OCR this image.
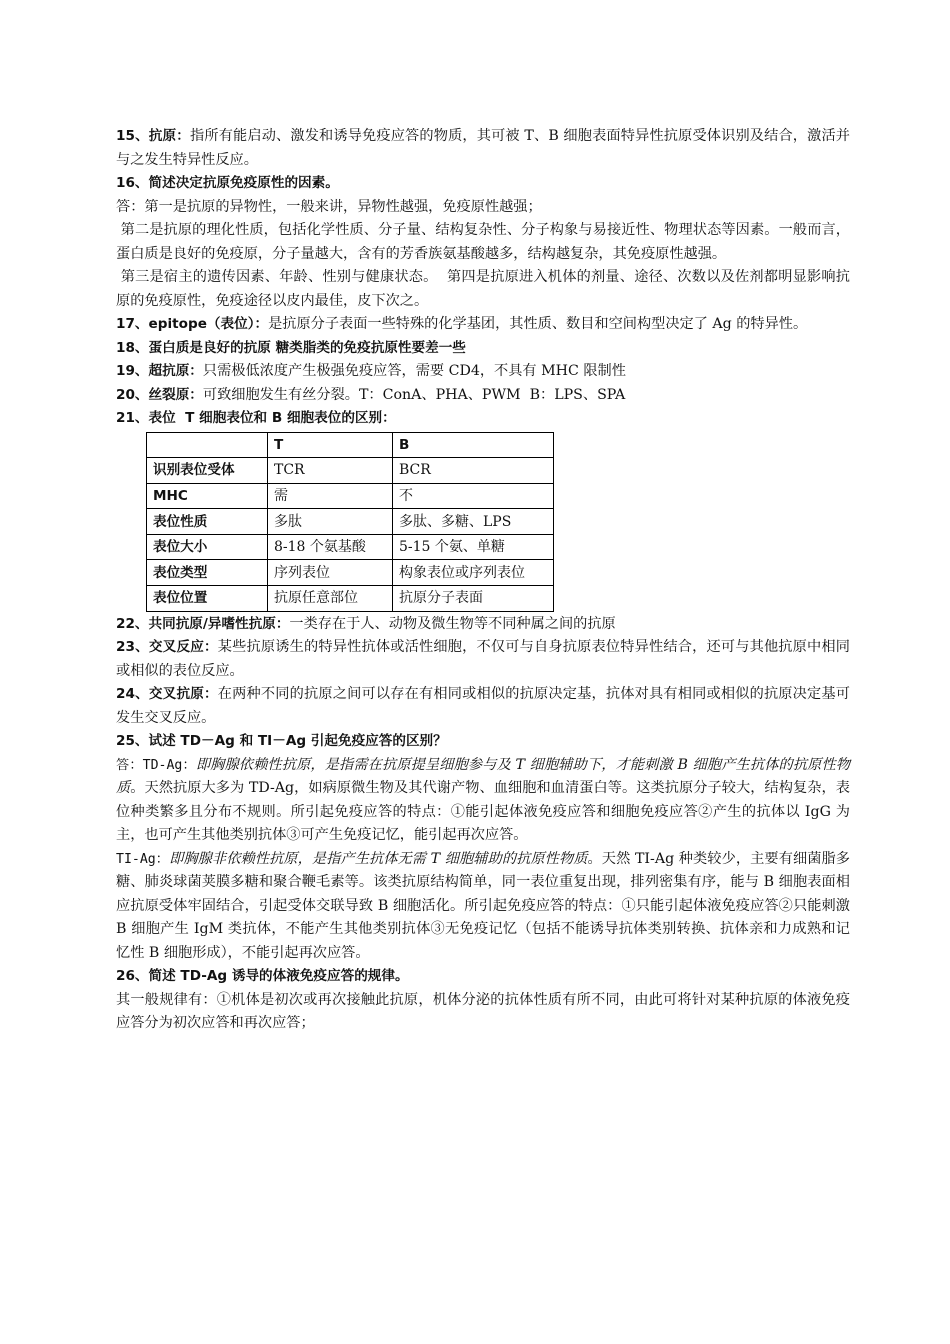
15、抗原：指所有能启动、激发和诱导免疫应答的物质，其可被 T、B 细胞表面特异性抗原受体识别及结合，激活并与之发生特异性反应。

16、简述决定抗原免疫原性的因素。

答：第一是抗原的异物性，一般来讲，异物性越强，免疫原性越强；

第二是抗原的理化性质，包括化学性质、分子量、结构复杂性、分子构象与易接近性、物理状态等因素。一般而言，蛋白质是良好的免疫原，分子量越大，含有的芳香族氨基酸越多，结构越复杂，其免疫原性越强。

第三是宿主的遗传因素、年龄、性别与健康状态。  第四是抗原进入机体的剂量、途径、次数以及佐剂都明显影响抗原的免疫原性，免疫途径以皮内最佳，皮下次之。

17、epitope（表位）：是抗原分子表面一些特殊的化学基团，其性质、数目和空间构型决定了 Ag 的特异性。

18、蛋白质是良好的抗原 糖类脂类的免疫抗原性要差一些

19、超抗原：只需极低浓度产生极强免疫应答，需要 CD4，不具有 MHC 限制性

20、丝裂原：可致细胞发生有丝分裂。T：ConA、PHA、PWM  B：LPS、SPA

21、表位  T 细胞表位和 B 细胞表位的区别：

	T	B
识别表位受体	TCR	BCR
MHC	需	不
表位性质	多肽	多肽、多糖、LPS
表位大小	8-18 个氨基酸	5-15 个氨、单糖
表位类型	序列表位	构象表位或序列表位
表位位置	抗原任意部位	抗原分子表面

22、共同抗原/异嗜性抗原：一类存在于人、动物及微生物等不同种属之间的抗原

23、交叉反应：某些抗原诱生的特异性抗体或活性细胞，不仅可与自身抗原表位特异性结合，还可与其他抗原中相同或相似的表位反应。

24、交叉抗原：在两种不同的抗原之间可以存在有相同或相似的抗原决定基，抗体对具有相同或相似的抗原决定基可发生交叉反应。

25、试述 TD－Ag 和 TI－Ag 引起免疫应答的区别？

答：TD-Ag：即胸腺依赖性抗原，是指需在抗原提呈细胞参与及 T 细胞辅助下，才能刺激 B 细胞产生抗体的抗原性物质。天然抗原大多为 TD-Ag，如病原微生物及其代谢产物、血细胞和血清蛋白等。这类抗原分子较大，结构复杂，表位种类繁多且分布不规则。所引起免疫应答的特点：①能引起体液免疫应答和细胞免疫应答②产生的抗体以 IgG 为主，也可产生其他类别抗体③可产生免疫记忆，能引起再次应答。

TI-Ag：即胸腺非依赖性抗原，是指产生抗体无需 T 细胞辅助的抗原性物质。天然 TI-Ag 种类较少，主要有细菌脂多糖、肺炎球菌荚膜多糖和聚合鞭毛素等。该类抗原结构简单，同一表位重复出现，排列密集有序，能与 B 细胞表面相应抗原受体牢固结合，引起受体交联导致 B 细胞活化。所引起免疫应答的特点：①只能引起体液免疫应答②只能刺激 B 细胞产生 IgM 类抗体，不能产生其他类别抗体③无免疫记忆（包括不能诱导抗体类别转换、抗体亲和力成熟和记忆性 B 细胞形成），不能引起再次应答。

26、简述 TD-Ag 诱导的体液免疫应答的规律。

其一般规律有：①机体是初次或再次接触此抗原，机体分泌的抗体性质有所不同，由此可将针对某种抗原的体液免疫应答分为初次应答和再次应答；
